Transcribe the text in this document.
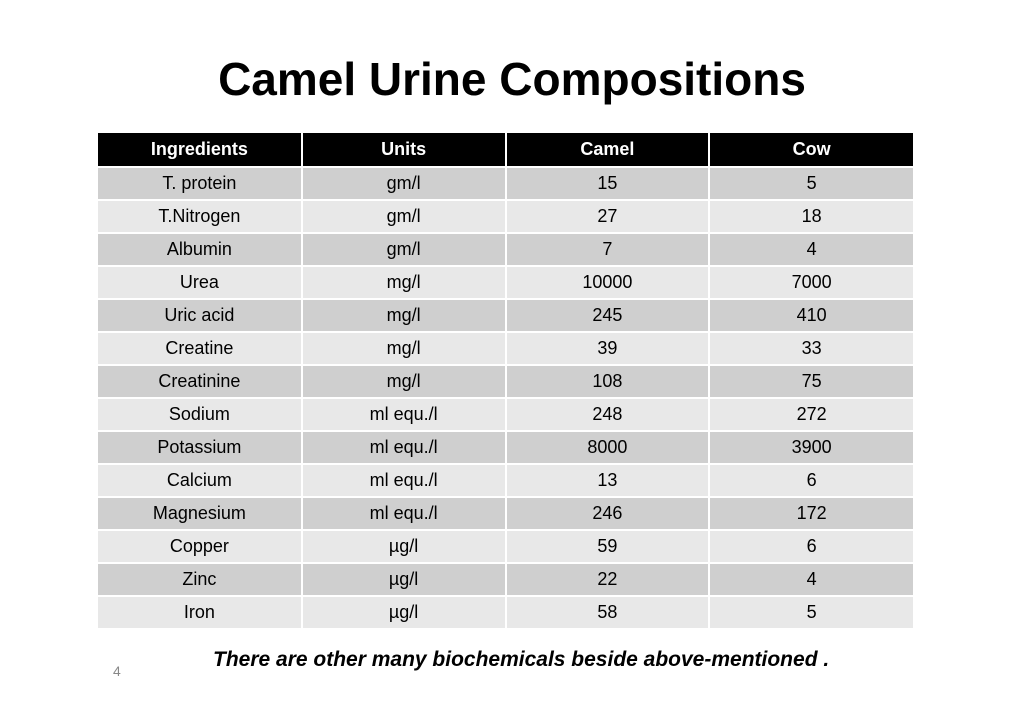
Camel Urine Compositions
Ingredients	Units	Camel	Cow
T. protein	gm/l	15	5
T.Nitrogen	gm/l	27	18
Albumin	gm/l	7	4
Urea	mg/l	10000	7000
Uric acid	mg/l	245	410
Creatine	mg/l	39	33
Creatinine	mg/l	108	75
Sodium	ml equ./l	248	272
Potassium	ml equ./l	8000	3900
Calcium	ml equ./l	13	6
Magnesium	ml equ./l	246	172
Copper	µg/l	59	6
Zinc	µg/l	22	4
Iron	µg/l	58	5
There are other many biochemicals beside above-mentioned .
4
